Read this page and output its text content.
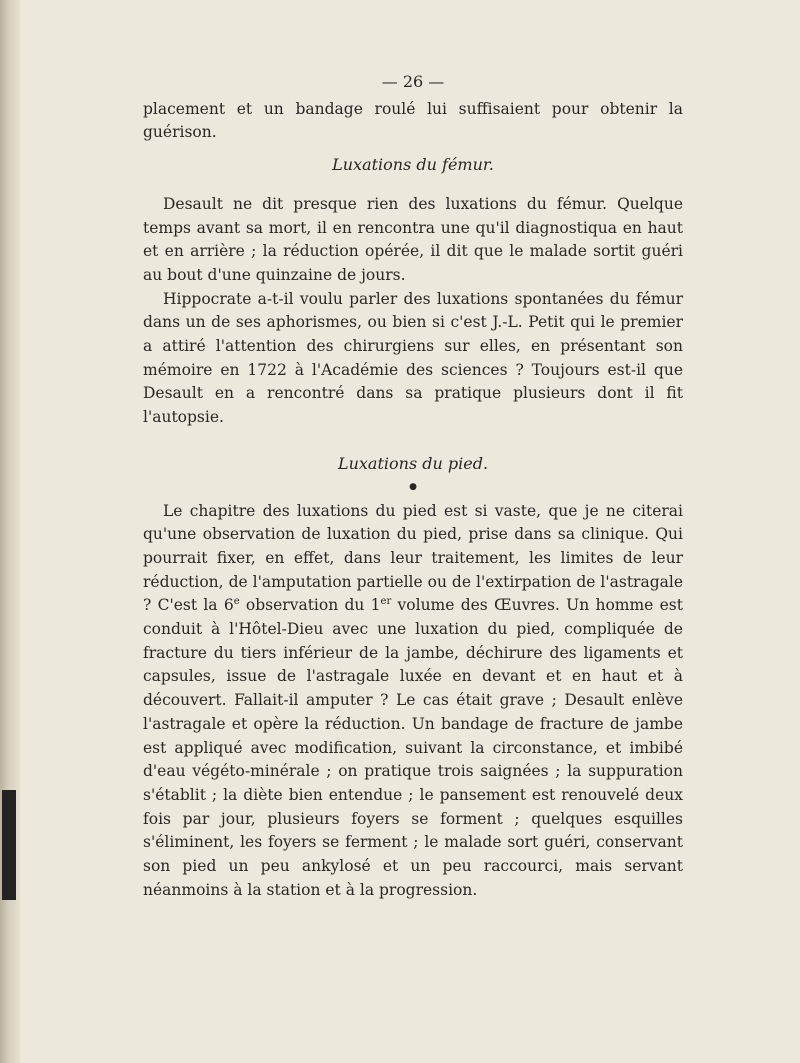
— 26 —

placement et un bandage roulé lui suffisaient pour obtenir la guérison.

Luxations du fémur.

Desault ne dit presque rien des luxations du fémur. Quelque temps avant sa mort, il en rencontra une qu'il diagnostiqua en haut et en arrière ; la réduction opérée, il dit que le malade sortit guéri au bout d'une quinzaine de jours.

Hippocrate a-t-il voulu parler des luxations spontanées du fémur dans un de ses aphorismes, ou bien si c'est J.-L. Petit qui le premier a attiré l'attention des chirurgiens sur elles, en présentant son mémoire en 1722 à l'Académie des sciences ? Toujours est-il que Desault en a rencontré dans sa pratique plusieurs dont il fit l'autopsie.

Luxations du pied.
●

Le chapitre des luxations du pied est si vaste, que je ne citerai qu'une observation de luxation du pied, prise dans sa clinique. Qui pourrait fixer, en effet, dans leur traitement, les limites de leur réduction, de l'amputation partielle ou de l'extirpation de l'astragale ? C'est la 6e observation du 1er volume des Œuvres. Un homme est conduit à l'Hôtel-Dieu avec une luxation du pied, compliquée de fracture du tiers inférieur de la jambe, déchirure des ligaments et capsules, issue de l'astragale luxée en devant et en haut et à découvert. Fallait-il amputer ? Le cas était grave ; Desault enlève l'astragale et opère la réduction. Un bandage de fracture de jambe est appliqué avec modification, suivant la circonstance, et imbibé d'eau végéto-minérale ; on pratique trois saignées ; la suppuration s'établit ; la diète bien entendue ; le pansement est renouvelé deux fois par jour, plusieurs foyers se forment ; quelques esquilles s'éliminent, les foyers se ferment ; le malade sort guéri, conservant son pied un peu ankylosé et un peu raccourci, mais servant néanmoins à la station et à la progression.
